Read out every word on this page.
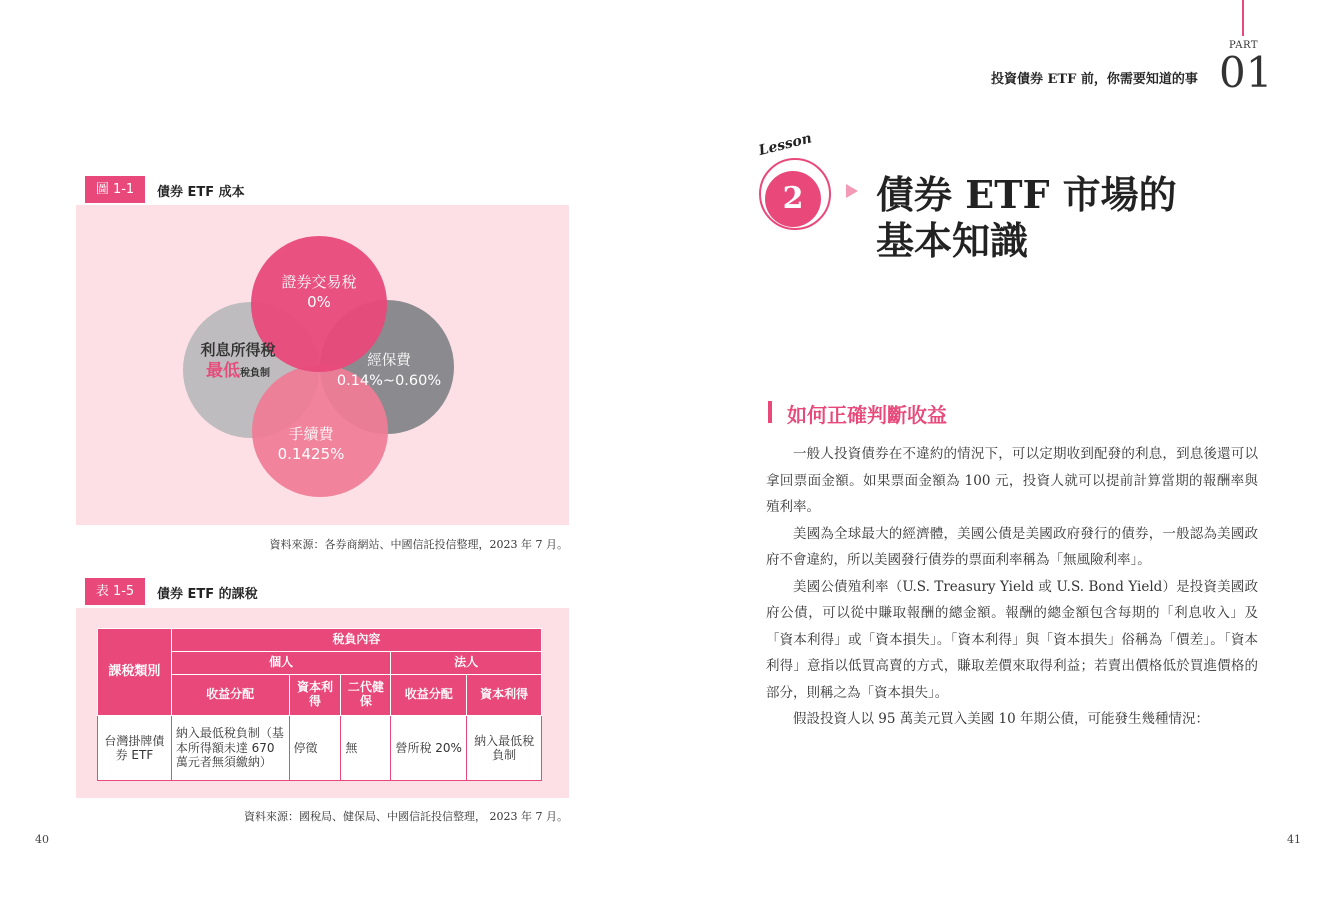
圖 1-1	債券 ETF 成本
證券交易稅
0%
利息所得稅
最低稅負制
經保費
0.14%~0.60%
手續費
0.1425%
資料來源：各券商網站、中國信託投信整理，2023 年 7 月。
表 1-5	債券 ETF 的課稅
課稅類別	稅負內容				
	個人			法人	
	收益分配	資本利得	二代健保	收益分配	資本利得
台灣掛牌債券 ETF	納入最低稅負制（基本所得額未達 670 萬元者無須繳納）	停徵	無	營所稅 20%	納入最低稅負制
資料來源：國稅局、健保局、中國信託投信整理， 2023 年 7 月。
40
PART
投資債券 ETF 前，你需要知道的事 01
2
Lesson
債券 ETF 市場的
基本知識
如何正確判斷收益

一般人投資債券在不違約的情況下，可以定期收到配發的利息，到息後還可以拿回票面金額。如果票面金額為 100 元，投資人就可以提前計算當期的報酬率與殖利率。

美國為全球最大的經濟體，美國公債是美國政府發行的債券，一般認為美國政府不會違約，所以美國發行債券的票面利率稱為「無風險利率」。

美國公債殖利率（U.S. Treasury Yield 或 U.S. Bond Yield）是投資美國政府公債，可以從中賺取報酬的總金額。報酬的總金額包含每期的「利息收入」及「資本利得」或「資本損失」。「資本利得」與「資本損失」俗稱為「價差」。「資本利得」意指以低買高賣的方式，賺取差價來取得利益；若賣出價格低於買進價格的部分，則稱之為「資本損失」。

假設投資人以 95 萬美元買入美國 10 年期公債，可能發生幾種情況：

41
